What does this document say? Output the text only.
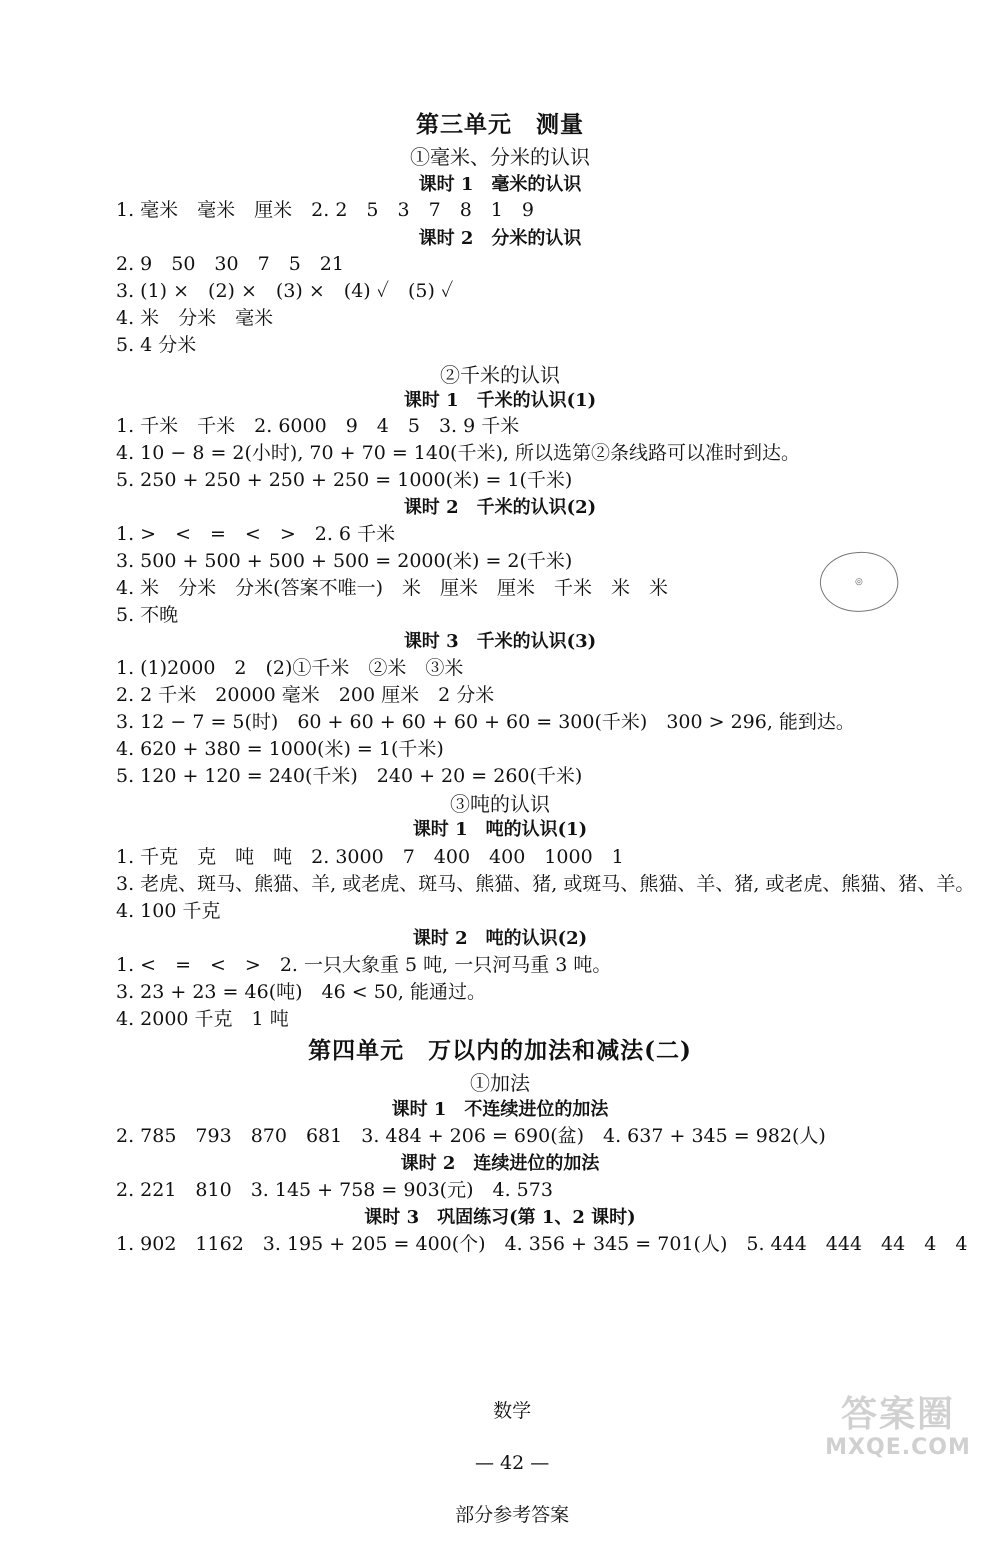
第三单元　测量
①毫米、分米的认识
课时 1　毫米的认识
1. 毫米　毫米　厘米　2. 2　5　3　7　8　1　9
课时 2　分米的认识
2. 9　50　30　7　5　21
3. (1) ×　(2) ×　(3) ×　(4) ✓　(5) ✓
4. 米　分米　毫米
5. 4 分米
②千米的认识
课时 1　千米的认识(1)
1. 千米　千米　2. 6000　9　4　5　3. 9 千米
4. 10 − 8 = 2(小时), 70 + 70 = 140(千米), 所以选第②条线路可以准时到达。
5. 250 + 250 + 250 + 250 = 1000(米) = 1(千米)
课时 2　千米的认识(2)
1. >　<　=　<　>　2. 6 千米
3. 500 + 500 + 500 + 500 = 2000(米) = 2(千米)
4. 米　分米　分米(答案不唯一)　米　厘米　厘米　千米　米　米
5. 不晚
课时 3　千米的认识(3)
1. (1)2000　2　(2)①千米　②米　③米
2. 2 千米　20000 毫米　200 厘米　2 分米
3. 12 − 7 = 5(时)　60 + 60 + 60 + 60 + 60 = 300(千米)　300 > 296, 能到达。
4. 620 + 380 = 1000(米) = 1(千米)
5. 120 + 120 = 240(千米)　240 + 20 = 260(千米)
③吨的认识
课时 1　吨的认识(1)
1. 千克　克　吨　吨　2. 3000　7　400　400　1000　1
3. 老虎、斑马、熊猫、羊, 或老虎、斑马、熊猫、猪, 或斑马、熊猫、羊、猪, 或老虎、熊猫、猪、羊。
4. 100 千克
课时 2　吨的认识(2)
1. <　=　<　>　2. 一只大象重 5 吨, 一只河马重 3 吨。
3. 23 + 23 = 46(吨)　46 < 50, 能通过。
4. 2000 千克　1 吨
第四单元　万以内的加法和减法(二)
①加法
课时 1　不连续进位的加法
2. 785　793　870　681　3. 484 + 206 = 690(盆)　4. 637 + 345 = 982(人)
课时 2　连续进位的加法
2. 221　810　3. 145 + 758 = 903(元)　4. 573
课时 3　巩固练习(第 1、2 课时)
1. 902　1162　3. 195 + 205 = 400(个)　4. 356 + 345 = 701(人)　5. 444　444　44　4　4
◎

数学

— 42 —

部分参考答案

答案圈
MXQE.COM
